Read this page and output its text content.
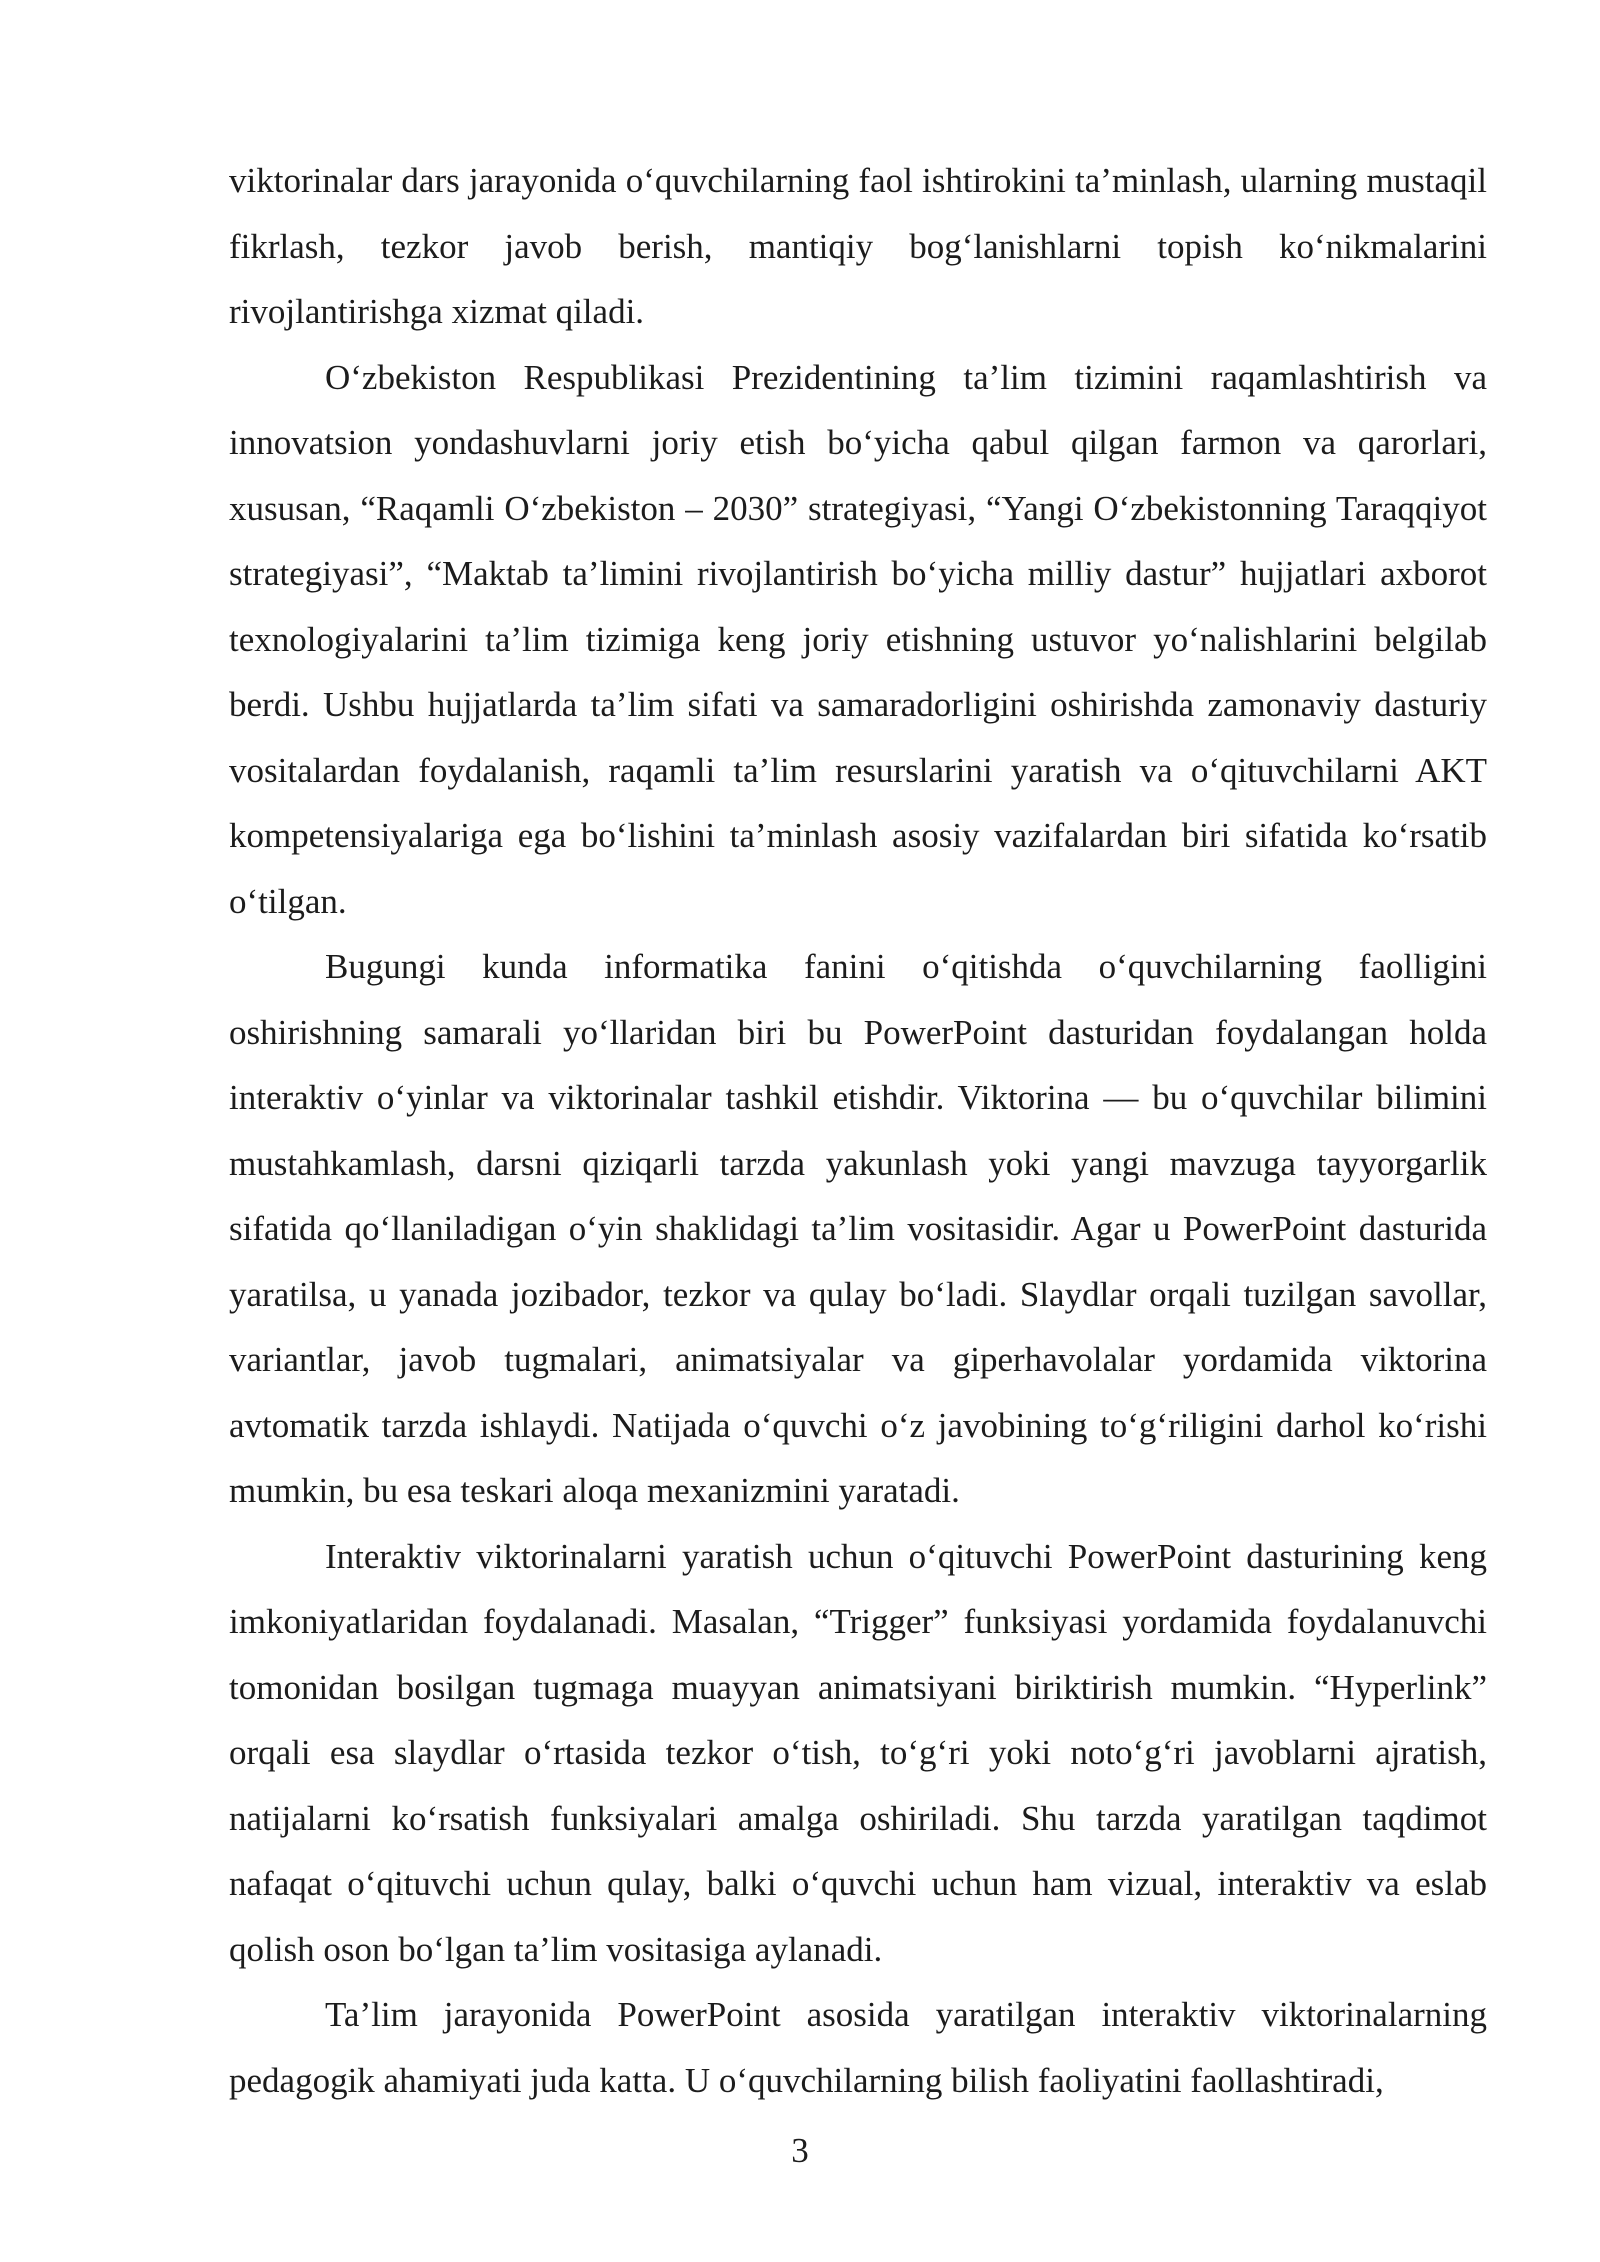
viktorinalar dars jarayonida o‘quvchilarning faol ishtirokini ta’minlash, ularning mustaqil fikrlash, tezkor javob berish, mantiqiy bog‘lanishlarni topish ko‘nikmalarini rivojlantirishga xizmat qiladi.

O‘zbekiston Respublikasi Prezidentining ta’lim tizimini raqamlashtirish va innovatsion yondashuvlarni joriy etish bo‘yicha qabul qilgan farmon va qarorlari, xususan, “Raqamli O‘zbekiston – 2030” strategiyasi, “Yangi O‘zbekistonning Taraqqiyot strategiyasi”, “Maktab ta’limini rivojlantirish bo‘yicha milliy dastur” hujjatlari axborot texnologiyalarini ta’lim tizimiga keng joriy etishning ustuvor yo‘nalishlarini belgilab berdi. Ushbu hujjatlarda ta’lim sifati va samaradorligini oshirishda zamonaviy dasturiy vositalardan foydalanish, raqamli ta’lim resurslarini yaratish va o‘qituvchilarni AKT kompetensiyalariga ega bo‘lishini ta’minlash asosiy vazifalardan biri sifatida ko‘rsatib o‘tilgan.

Bugungi kunda informatika fanini o‘qitishda o‘quvchilarning faolligini oshirishning samarali yo‘llaridan biri bu PowerPoint dasturidan foydalangan holda interaktiv o‘yinlar va viktorinalar tashkil etishdir. Viktorina — bu o‘quvchilar bilimini mustahkamlash, darsni qiziqarli tarzda yakunlash yoki yangi mavzuga tayyorgarlik sifatida qo‘llaniladigan o‘yin shaklidagi ta’lim vositasidir. Agar u PowerPoint dasturida yaratilsa, u yanada jozibador, tezkor va qulay bo‘ladi. Slaydlar orqali tuzilgan savollar, variantlar, javob tugmalari, animatsiyalar va giperhavolalar yordamida viktorina avtomatik tarzda ishlaydi. Natijada o‘quvchi o‘z javobining to‘g‘riligini darhol ko‘rishi mumkin, bu esa teskari aloqa mexanizmini yaratadi.

Interaktiv viktorinalarni yaratish uchun o‘qituvchi PowerPoint dasturining keng imkoniyatlaridan foydalanadi. Masalan, “Trigger” funksiyasi yordamida foydalanuvchi tomonidan bosilgan tugmaga muayyan animatsiyani biriktirish mumkin. “Hyperlink” orqali esa slaydlar o‘rtasida tezkor o‘tish, to‘g‘ri yoki noto‘g‘ri javoblarni ajratish, natijalarni ko‘rsatish funksiyalari amalga oshiriladi. Shu tarzda yaratilgan taqdimot nafaqat o‘qituvchi uchun qulay, balki o‘quvchi uchun ham vizual, interaktiv va eslab qolish oson bo‘lgan ta’lim vositasiga aylanadi.

Ta’lim jarayonida PowerPoint asosida yaratilgan interaktiv viktorinalarning pedagogik ahamiyati juda katta. U o‘quvchilarning bilish faoliyatini faollashtiradi,

3
